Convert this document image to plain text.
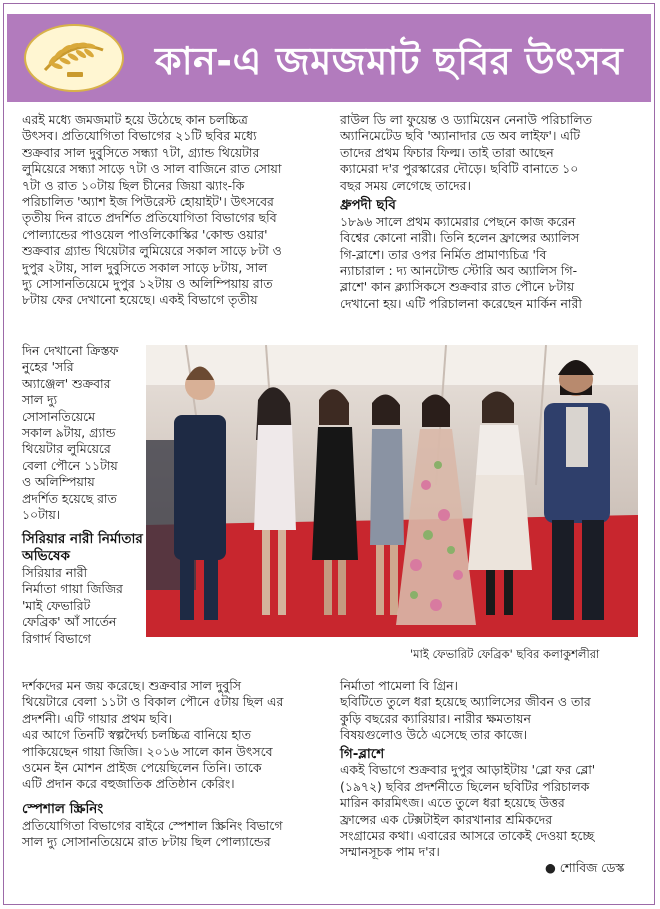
কান-এ জমজমাট ছবির উৎসব

এরই মধ্যে জমজমাট হয়ে উঠেছে কান চলচ্চিত্র

উৎসব। প্রতিযোগিতা বিভাগের ২১টি ছবির মধ্যে

শুক্রবার সাল দুবুসিতে সন্ধ্যা ৭টা, গ্র্যান্ড থিয়েটার

লুমিয়েরে সন্ধ্যা সাড়ে ৭টা ও সাল বাজিনে রাত সোয়া

৭টা ও রাত ১০টায় ছিল চীনের জিয়া ঝ্যাং-কি

পরিচালিত 'অ্যাশ ইজ পিউরেস্ট হোয়াইট'। উৎসবের

তৃতীয় দিন রাতে প্রদর্শিত প্রতিযোগিতা বিভাগের ছবি

পোল্যান্ডের পাওয়েল পাওলিকোস্কির 'কোল্ড ওয়ার'

শুক্রবার গ্র্যান্ড থিয়েটার লুমিয়েরে সকাল সাড়ে ৮টা ও

দুপুর ২টায়, সাল দুবুসিতে সকাল সাড়ে ৮টায়, সাল

দ্যু সোসানতিয়েমে দুপুর ১২টায় ও অলিম্পিয়ায় রাত

৮টায় ফের দেখানো হয়েছে। একই বিভাগে তৃতীয়

দিন দেখানো ক্রিস্তফ

নুহের 'সরি

অ্যাঞ্জেল' শুক্রবার

সাল দ্যু

সোসানতিয়েমে

সকাল ৯টায়, গ্র্যান্ড

থিয়েটার লুমিয়েরে

বেলা পৌনে ১১টায়

ও অলিম্পিয়ায়

প্রদর্শিত হয়েছে রাত

১০টায়।

সিরিয়ার নারী নির্মাতার অভিষেক

সিরিয়ার নারী

নির্মাতা গায়া জিজির

'মাই ফেভারিট

ফেব্রিক' আঁ সার্তেন

রিগার্দ বিভাগে

দর্শকদের মন জয় করেছে। শুক্রবার সাল দুবুসি

থিয়েটারে বেলা ১১টা ও বিকাল পৌনে ৫টায় ছিল এর

প্রদর্শনী। এটি গায়ার প্রথম ছবি।

এর আগে তিনটি স্বল্পদৈর্ঘ্য চলচ্চিত্র বানিয়ে হাত

পাকিয়েছেন গায়া জিজি। ২০১৬ সালে কান উৎসবে

ওমেন ইন মোশন প্রাইজ পেয়েছিলেন তিনি। তাকে

এটি প্রদান করে বহুজাতিক প্রতিষ্ঠান কেরিং।

স্পেশাল স্ক্রিনিং

প্রতিযোগিতা বিভাগের বাইরে স্পেশাল স্ক্রিনিং বিভাগে

সাল দ্যু সোসানতিয়েমে রাত ৮টায় ছিল পোল্যান্ডের

রাউল ডি লা ফুয়েন্ত ও ড্যামিয়েন নেনাউ পরিচালিত

অ্যানিমেটেড ছবি 'অ্যানাদার ডে অব লাইফ'। এটি

তাদের প্রথম ফিচার ফিল্ম। তাই তারা আছেন

ক্যামেরা দ'র পুরস্কারের দৌড়ে। ছবিটি বানাতে ১০

বছর সময় লেগেছে তাদের।

ধ্রুপদী ছবি

১৮৯৬ সালে প্রথম ক্যামেরার পেছনে কাজ করেন

বিশ্বের কোনো নারী। তিনি হলেন ফ্রান্সের অ্যালিস

গি-ব্লাশে। তার ওপর নির্মিত প্রামাণ্যচিত্র 'বি

ন্যাচারাল : দ্য আনটোল্ড স্টোরি অব অ্যালিস গি-

ব্লাশে' কান ক্ল্যাসিকসে শুক্রবার রাত পৌনে ৮টায়

দেখানো হয়। এটি পরিচালনা করেছেন মার্কিন নারী

'মাই ফেভারিট ফেব্রিক' ছবির কলাকুশলীরা

নির্মাতা পামেলা বি গ্রিন।

ছবিটিতে তুলে ধরা হয়েছে অ্যালিসের জীবন ও তার

কুড়ি বছরের ক্যারিয়ার। নারীর ক্ষমতায়ন

বিষয়গুলোও উঠে এসেছে তার কাজে।

গি-ব্লাশে

একই বিভাগে শুক্রবার দুপুর আড়াইটায় 'ব্লো ফর ব্লো'

(১৯৭২) ছবির প্রদর্শনীতে ছিলেন ছবিটির পরিচালক

মারিন কারমিৎজ। এতে তুলে ধরা হয়েছে উত্তর

ফ্রান্সের এক টেক্সটাইল কারখানার শ্রমিকদের

সংগ্রামের কথা। এবারের আসরে তাকেই দেওয়া হচ্ছে

সম্মানসূচক পাম দ'র।

● শোবিজ ডেস্ক
